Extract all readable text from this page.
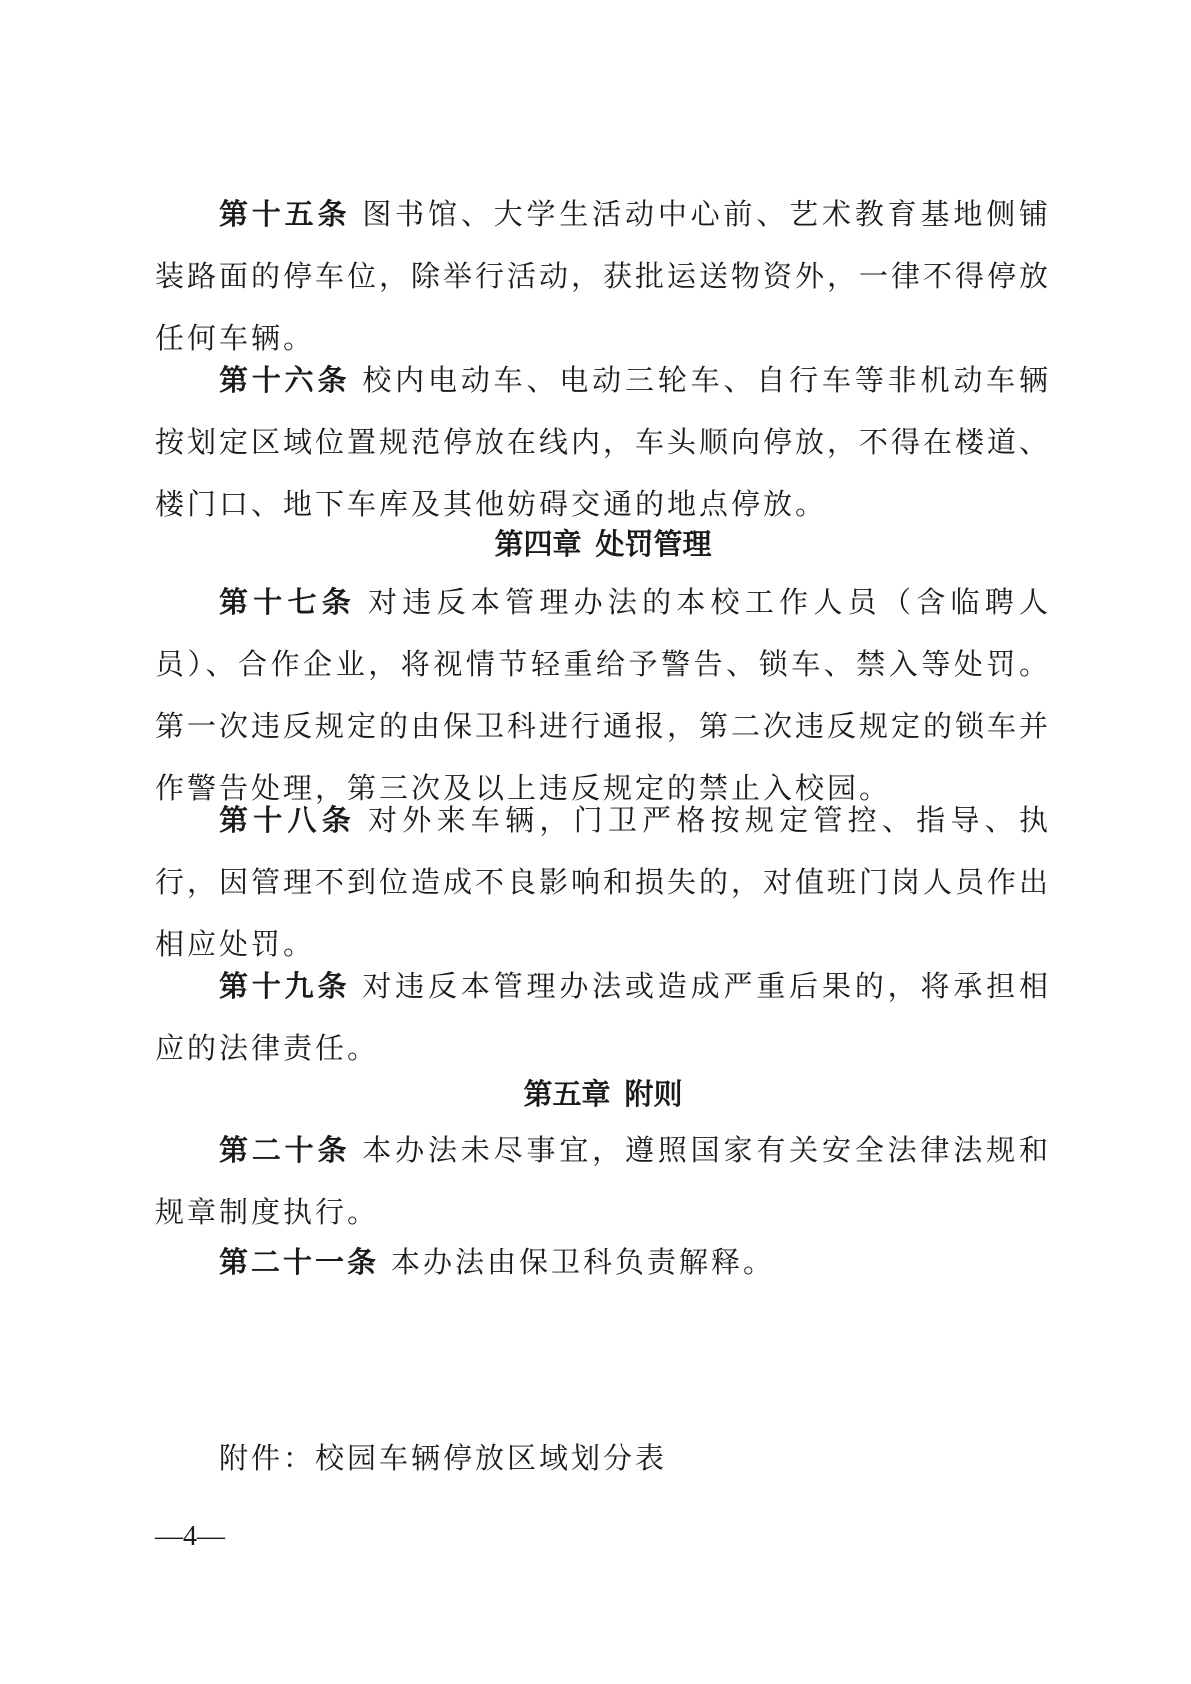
第十五条 图书馆、大学生活动中心前、艺术教育基地侧铺装路面的停车位，除举行活动，获批运送物资外，一律不得停放任何车辆。

第十六条 校内电动车、电动三轮车、自行车等非机动车辆按划定区域位置规范停放在线内，车头顺向停放，不得在楼道、楼门口、地下车库及其他妨碍交通的地点停放。

第四章 处罚管理

第十七条 对违反本管理办法的本校工作人员（含临聘人员）、合作企业，将视情节轻重给予警告、锁车、禁入等处罚。第一次违反规定的由保卫科进行通报，第二次违反规定的锁车并作警告处理，第三次及以上违反规定的禁止入校园。

第十八条 对外来车辆，门卫严格按规定管控、指导、执行，因管理不到位造成不良影响和损失的，对值班门岗人员作出相应处罚。

第十九条 对违反本管理办法或造成严重后果的，将承担相应的法律责任。

第五章 附则

第二十条 本办法未尽事宜，遵照国家有关安全法律法规和规章制度执行。

第二十一条 本办法由保卫科负责解释。

附件：校园车辆停放区域划分表
—4—
